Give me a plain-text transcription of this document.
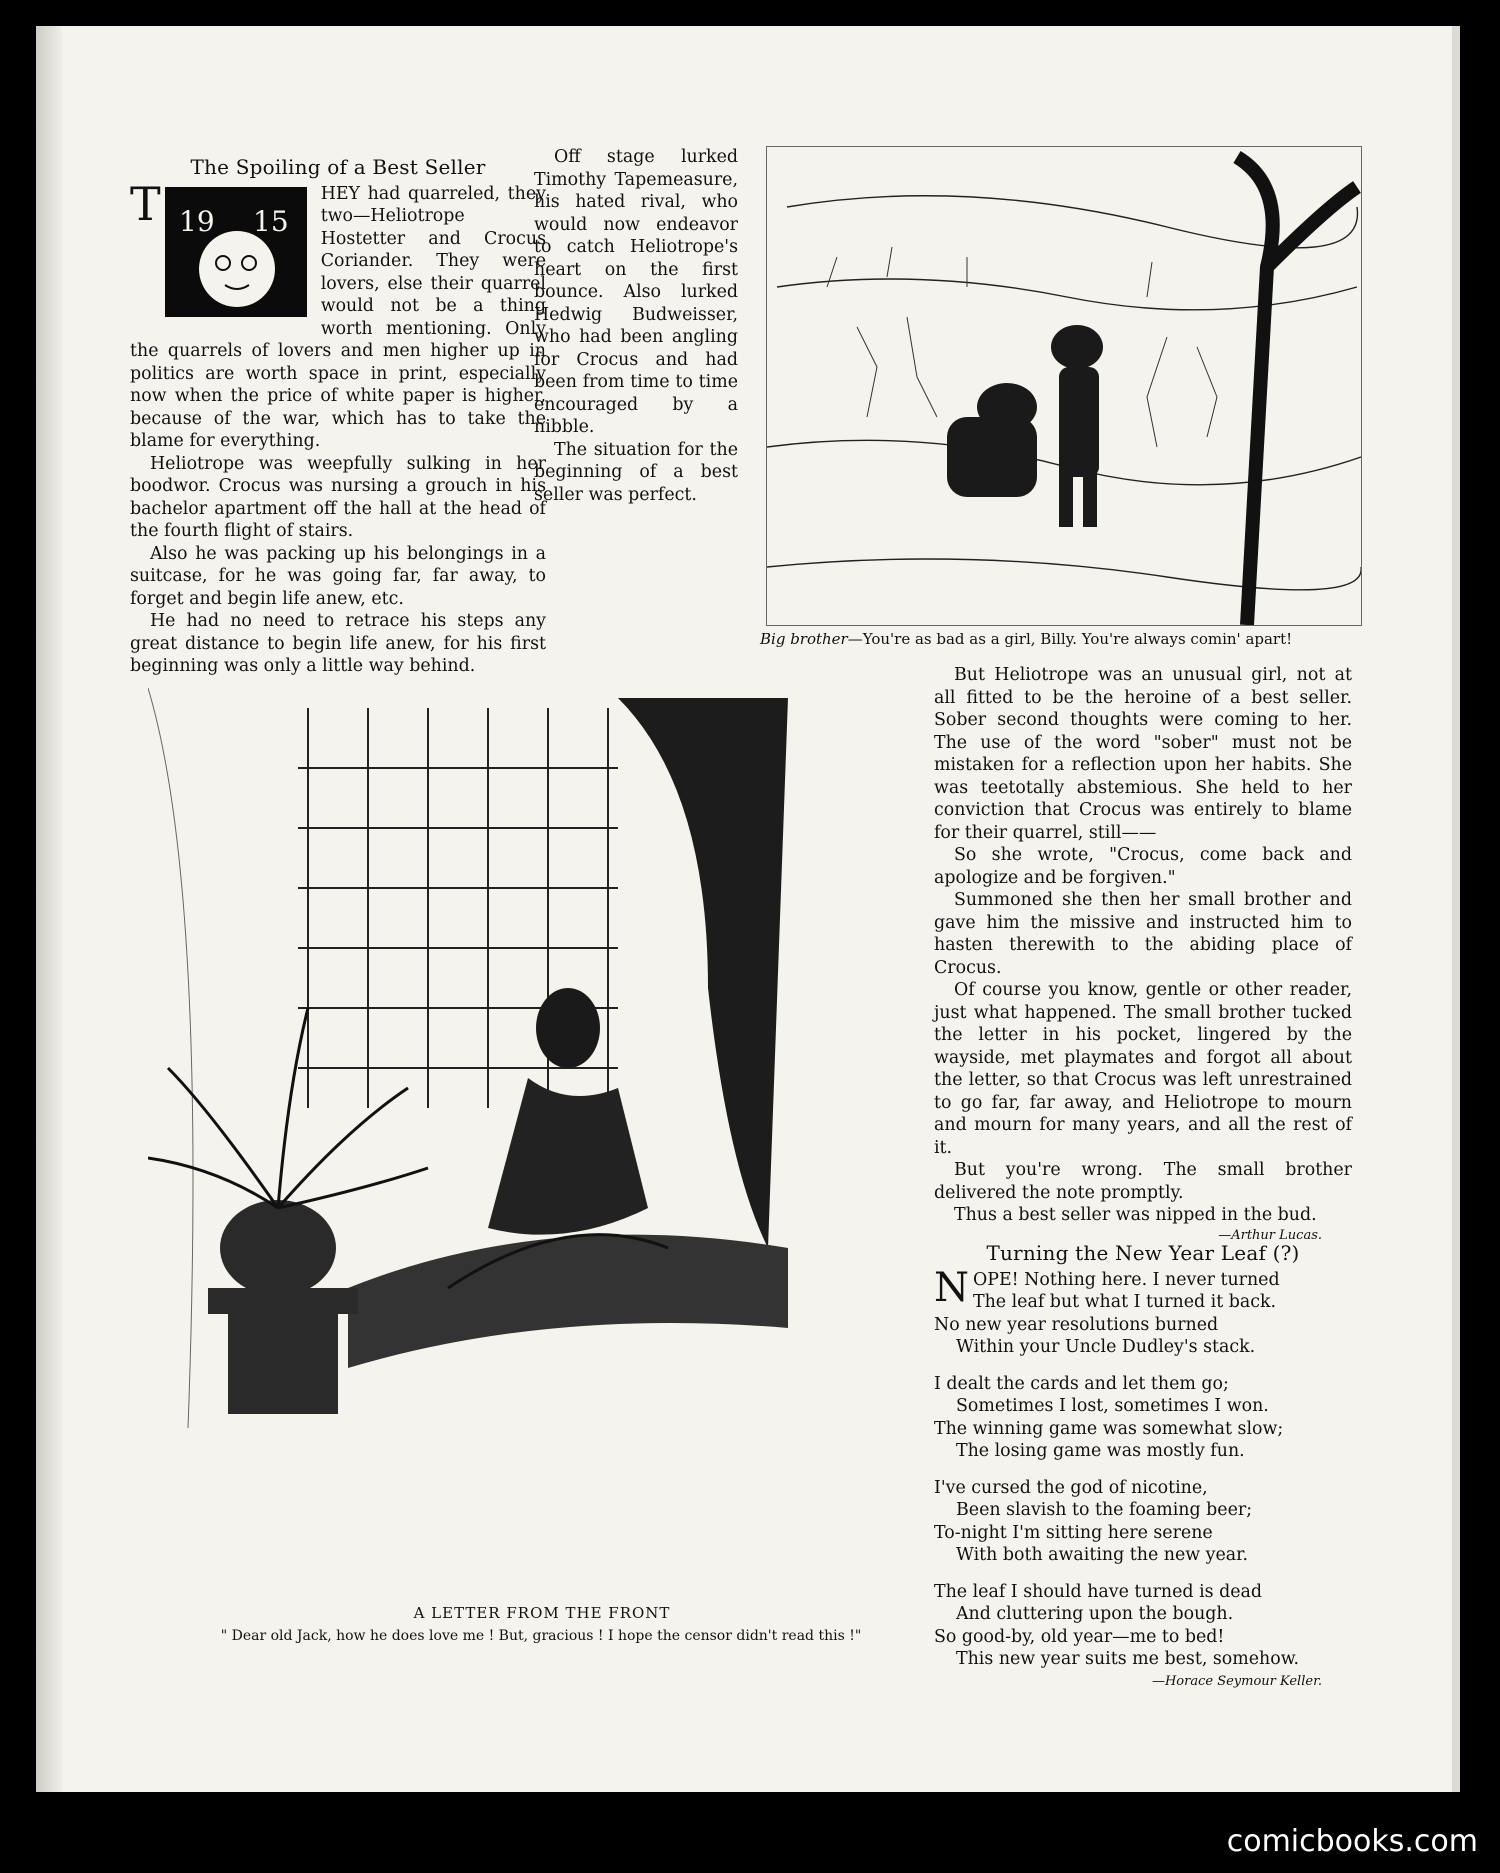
The Spoiling of a Best Seller

T 19 15
HEY had quarreled, they two—Heliotrope Hostetter and Crocus Coriander. They were lovers, else their quarrel would not be a thing worth mentioning. Only the quarrels of lovers and men higher up in politics are worth space in print, especially now when the price of white paper is higher, because of the war, which has to take the blame for everything.

Heliotrope was weepfully sulking in her boodwor. Crocus was nursing a grouch in his bachelor apartment off the hall at the head of the fourth flight of stairs.

Also he was packing up his belongings in a suitcase, for he was going far, far away, to forget and begin life anew, etc.

He had no need to retrace his steps any great distance to begin life anew, for his first beginning was only a little way behind.

Off stage lurked Timothy Tapemeasure, his hated rival, who would now endeavor to catch Heliotrope's heart on the first bounce. Also lurked Hedwig Budweisser, who had been angling for Crocus and had been from time to time encouraged by a nibble.

The situation for the beginning of a best seller was perfect.

Big brother—You're as bad as a girl, Billy. You're always comin' apart!
A LETTER FROM THE FRONT
" Dear old Jack, how he does love me ! But, gracious ! I hope the censor didn't read this !"

But Heliotrope was an unusual girl, not at all fitted to be the heroine of a best seller. Sober second thoughts were coming to her. The use of the word "sober" must not be mistaken for a reflection upon her habits. She was teetotally abstemious. She held to her conviction that Crocus was entirely to blame for their quarrel, still——

So she wrote, "Crocus, come back and apologize and be forgiven."

Summoned she then her small brother and gave him the missive and instructed him to hasten therewith to the abiding place of Crocus.

Of course you know, gentle or other reader, just what happened. The small brother tucked the letter in his pocket, lingered by the wayside, met playmates and forgot all about the letter, so that Crocus was left unrestrained to go far, far away, and Heliotrope to mourn and mourn for many years, and all the rest of it.

But you're wrong. The small brother delivered the note promptly.

Thus a best seller was nipped in the bud.

—Arthur Lucas.
Turning the New Year Leaf (?)

NOPE! Nothing here. I never turned

The leaf but what I turned it back.

No new year resolutions burned

Within your Uncle Dudley's stack.

I dealt the cards and let them go;

Sometimes I lost, sometimes I won.

The winning game was somewhat slow;

The losing game was mostly fun.

I've cursed the god of nicotine,

Been slavish to the foaming beer;

To-night I'm sitting here serene

With both awaiting the new year.

The leaf I should have turned is dead

And cluttering upon the bough.

So good-by, old year—me to bed!

This new year suits me best, somehow.

—Horace Seymour Keller.
comicbooks.com
